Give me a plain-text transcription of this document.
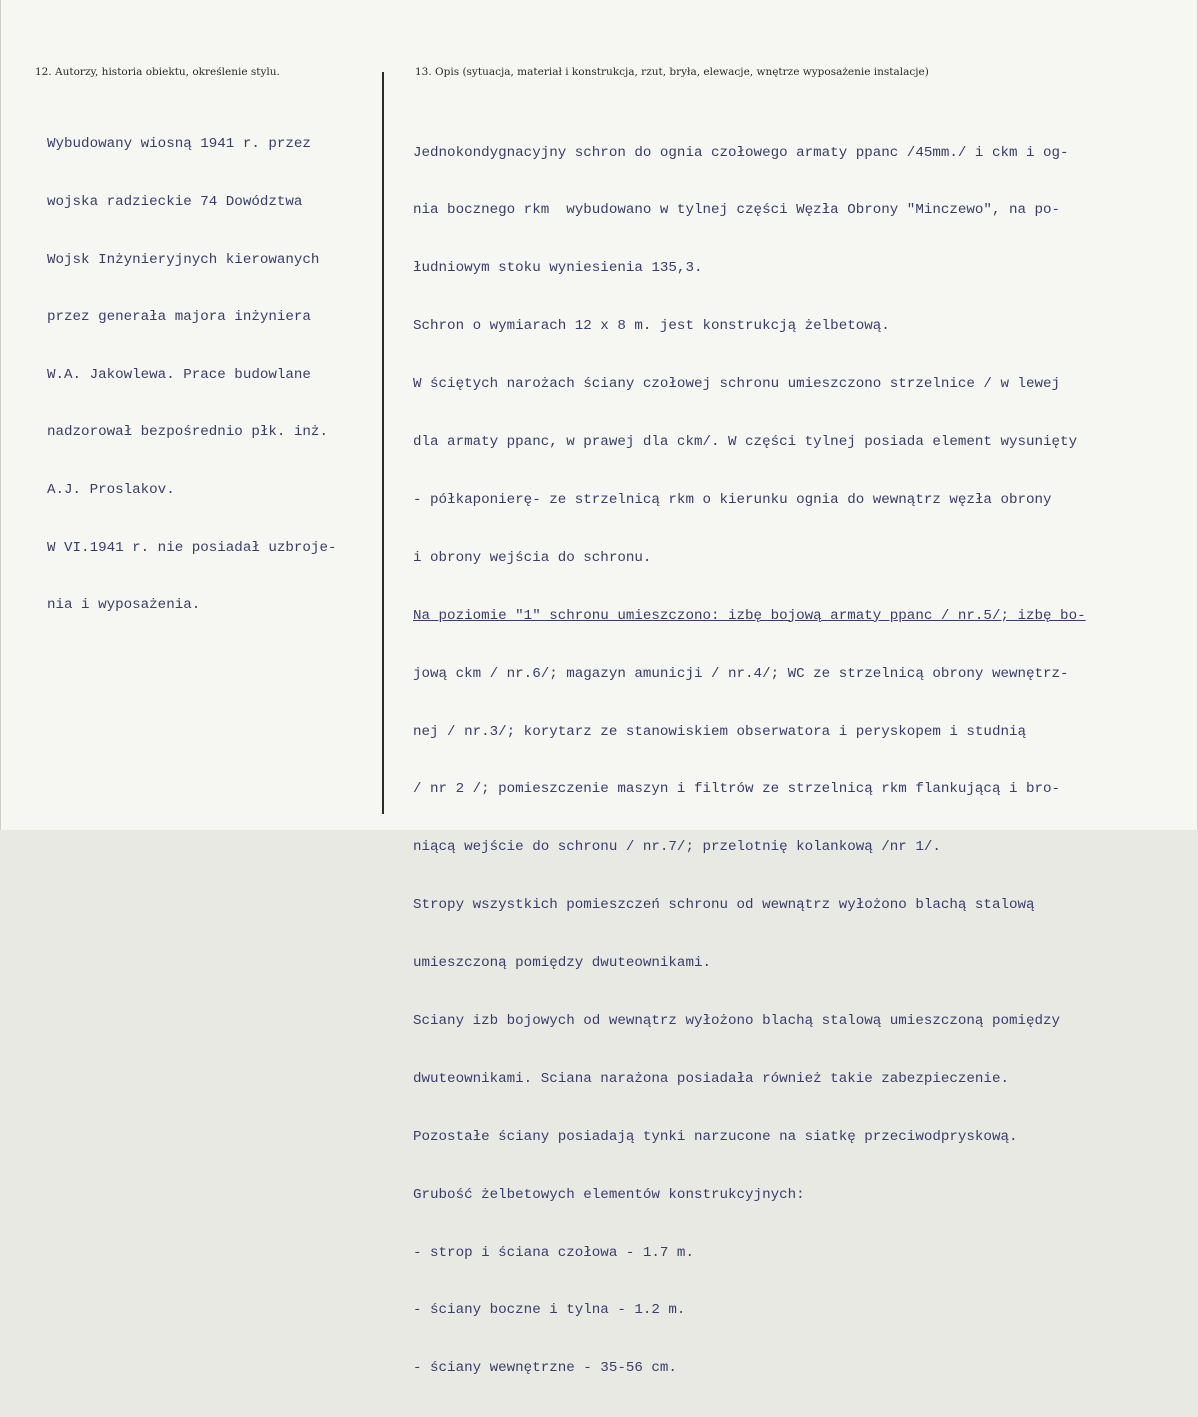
12. Autorzy, historia obiektu, określenie stylu.	13. Opis (sytuacja, materiał i konstrukcja, rzut, bryła, elewacje, wnętrze wyposażenie instalacje)

Wybudowany wiosną 1941 r. przez

wojska radzieckie 74 Dowództwa

Wojsk Inżynieryjnych kierowanych

przez generała majora inżyniera

W.A. Jakowlewa. Prace budowlane

nadzorował bezpośrednio płk. inż.

A.J. Proslakov.

W VI.1941 r. nie posiadał uzbroje-

nia i wyposażenia.

Jednokondygnacyjny schron do ognia czołowego armaty ppanc /45mm./ i ckm i og-

nia bocznego rkm  wybudowano w tylnej części Węzła Obrony "Minczewo", na po-

łudniowym stoku wyniesienia 135,3.

Schron o wymiarach 12 x 8 m. jest konstrukcją żelbetową.

W ściętych narożach ściany czołowej schronu umieszczono strzelnice / w lewej

dla armaty ppanc, w prawej dla ckm/. W części tylnej posiada element wysunięty

- półkaponierę- ze strzelnicą rkm o kierunku ognia do wewnątrz węzła obrony

i obrony wejścia do schronu.

Na poziomie "1" schronu umieszczono: izbę bojową armaty ppanc / nr.5/; izbę bo-

jową ckm / nr.6/; magazyn amunicji / nr.4/; WC ze strzelnicą obrony wewnętrz-

nej / nr.3/; korytarz ze stanowiskiem obserwatora i peryskopem i studnią

/ nr 2 /; pomieszczenie maszyn i filtrów ze strzelnicą rkm flankującą i bro-

niącą wejście do schronu / nr.7/; przelotnię kolankową /nr 1/.

Stropy wszystkich pomieszczeń schronu od wewnątrz wyłożono blachą stalową

umieszczoną pomiędzy dwuteownikami.

Sciany izb bojowych od wewnątrz wyłożono blachą stalową umieszczoną pomiędzy

dwuteownikami. Sciana narażona posiadała również takie zabezpieczenie.

Pozostałe ściany posiadają tynki narzucone na siatkę przeciwodpryskową.

Grubość żelbetowych elementów konstrukcyjnych:

- strop i ściana czołowa - 1.7 m.

- ściany boczne i tylna - 1.2 m.

- ściany wewnętrzne - 35-56 cm.
